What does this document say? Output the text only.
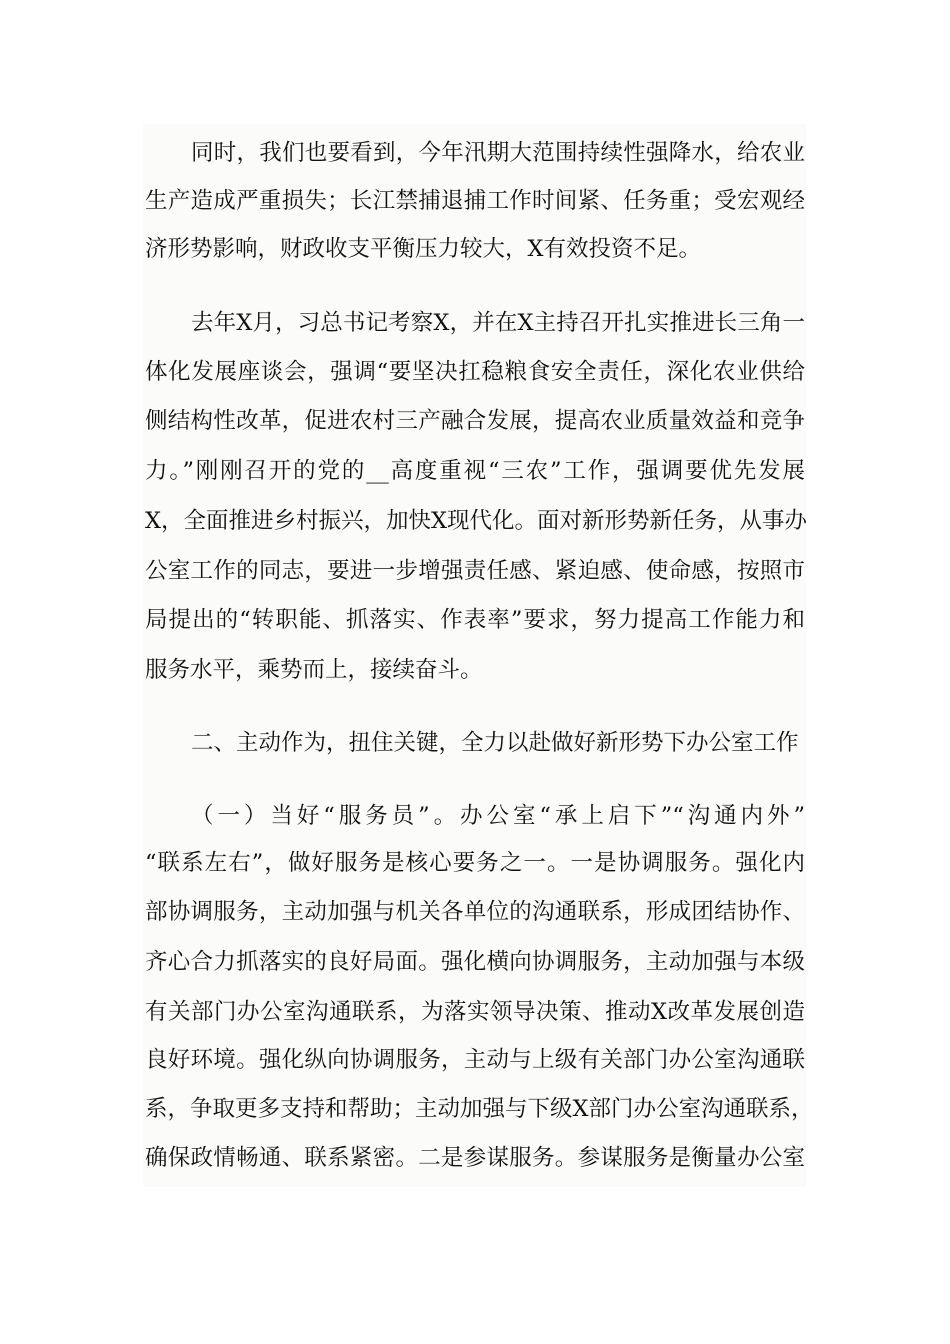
同时，我们也要看到，今年汛期大范围持续性强降水，给农业
生产造成严重损失；长江禁捕退捕工作时间紧、任务重；受宏观经
济形势影响，财政收支平衡压力较大，X有效投资不足。
去年X月，习总书记考察X，并在X主持召开扎实推进长三角一
体化发展座谈会，强调“要坚决扛稳粮食安全责任，深化农业供给
侧结构性改革，促进农村三产融合发展，提高农业质量效益和竞争
力。”刚刚召开的党的__高度重视“三农”工作，强调要优先发展
X，全面推进乡村振兴，加快X现代化。面对新形势新任务，从事办
公室工作的同志，要进一步增强责任感、紧迫感、使命感，按照市
局提出的“转职能、抓落实、作表率”要求，努力提高工作能力和
服务水平，乘势而上，接续奋斗。
二、主动作为，扭住关键，全力以赴做好新形势下办公室工作
（一）当好“服务员”。办公室“承上启下”“沟通内外”
“联系左右”，做好服务是核心要务之一。一是协调服务。强化内
部协调服务，主动加强与机关各单位的沟通联系，形成团结协作、
齐心合力抓落实的良好局面。强化横向协调服务，主动加强与本级
有关部门办公室沟通联系，为落实领导决策、推动X改革发展创造
良好环境。强化纵向协调服务，主动与上级有关部门办公室沟通联
系，争取更多支持和帮助；主动加强与下级X部门办公室沟通联系，
确保政情畅通、联系紧密。二是参谋服务。参谋服务是衡量办公室
